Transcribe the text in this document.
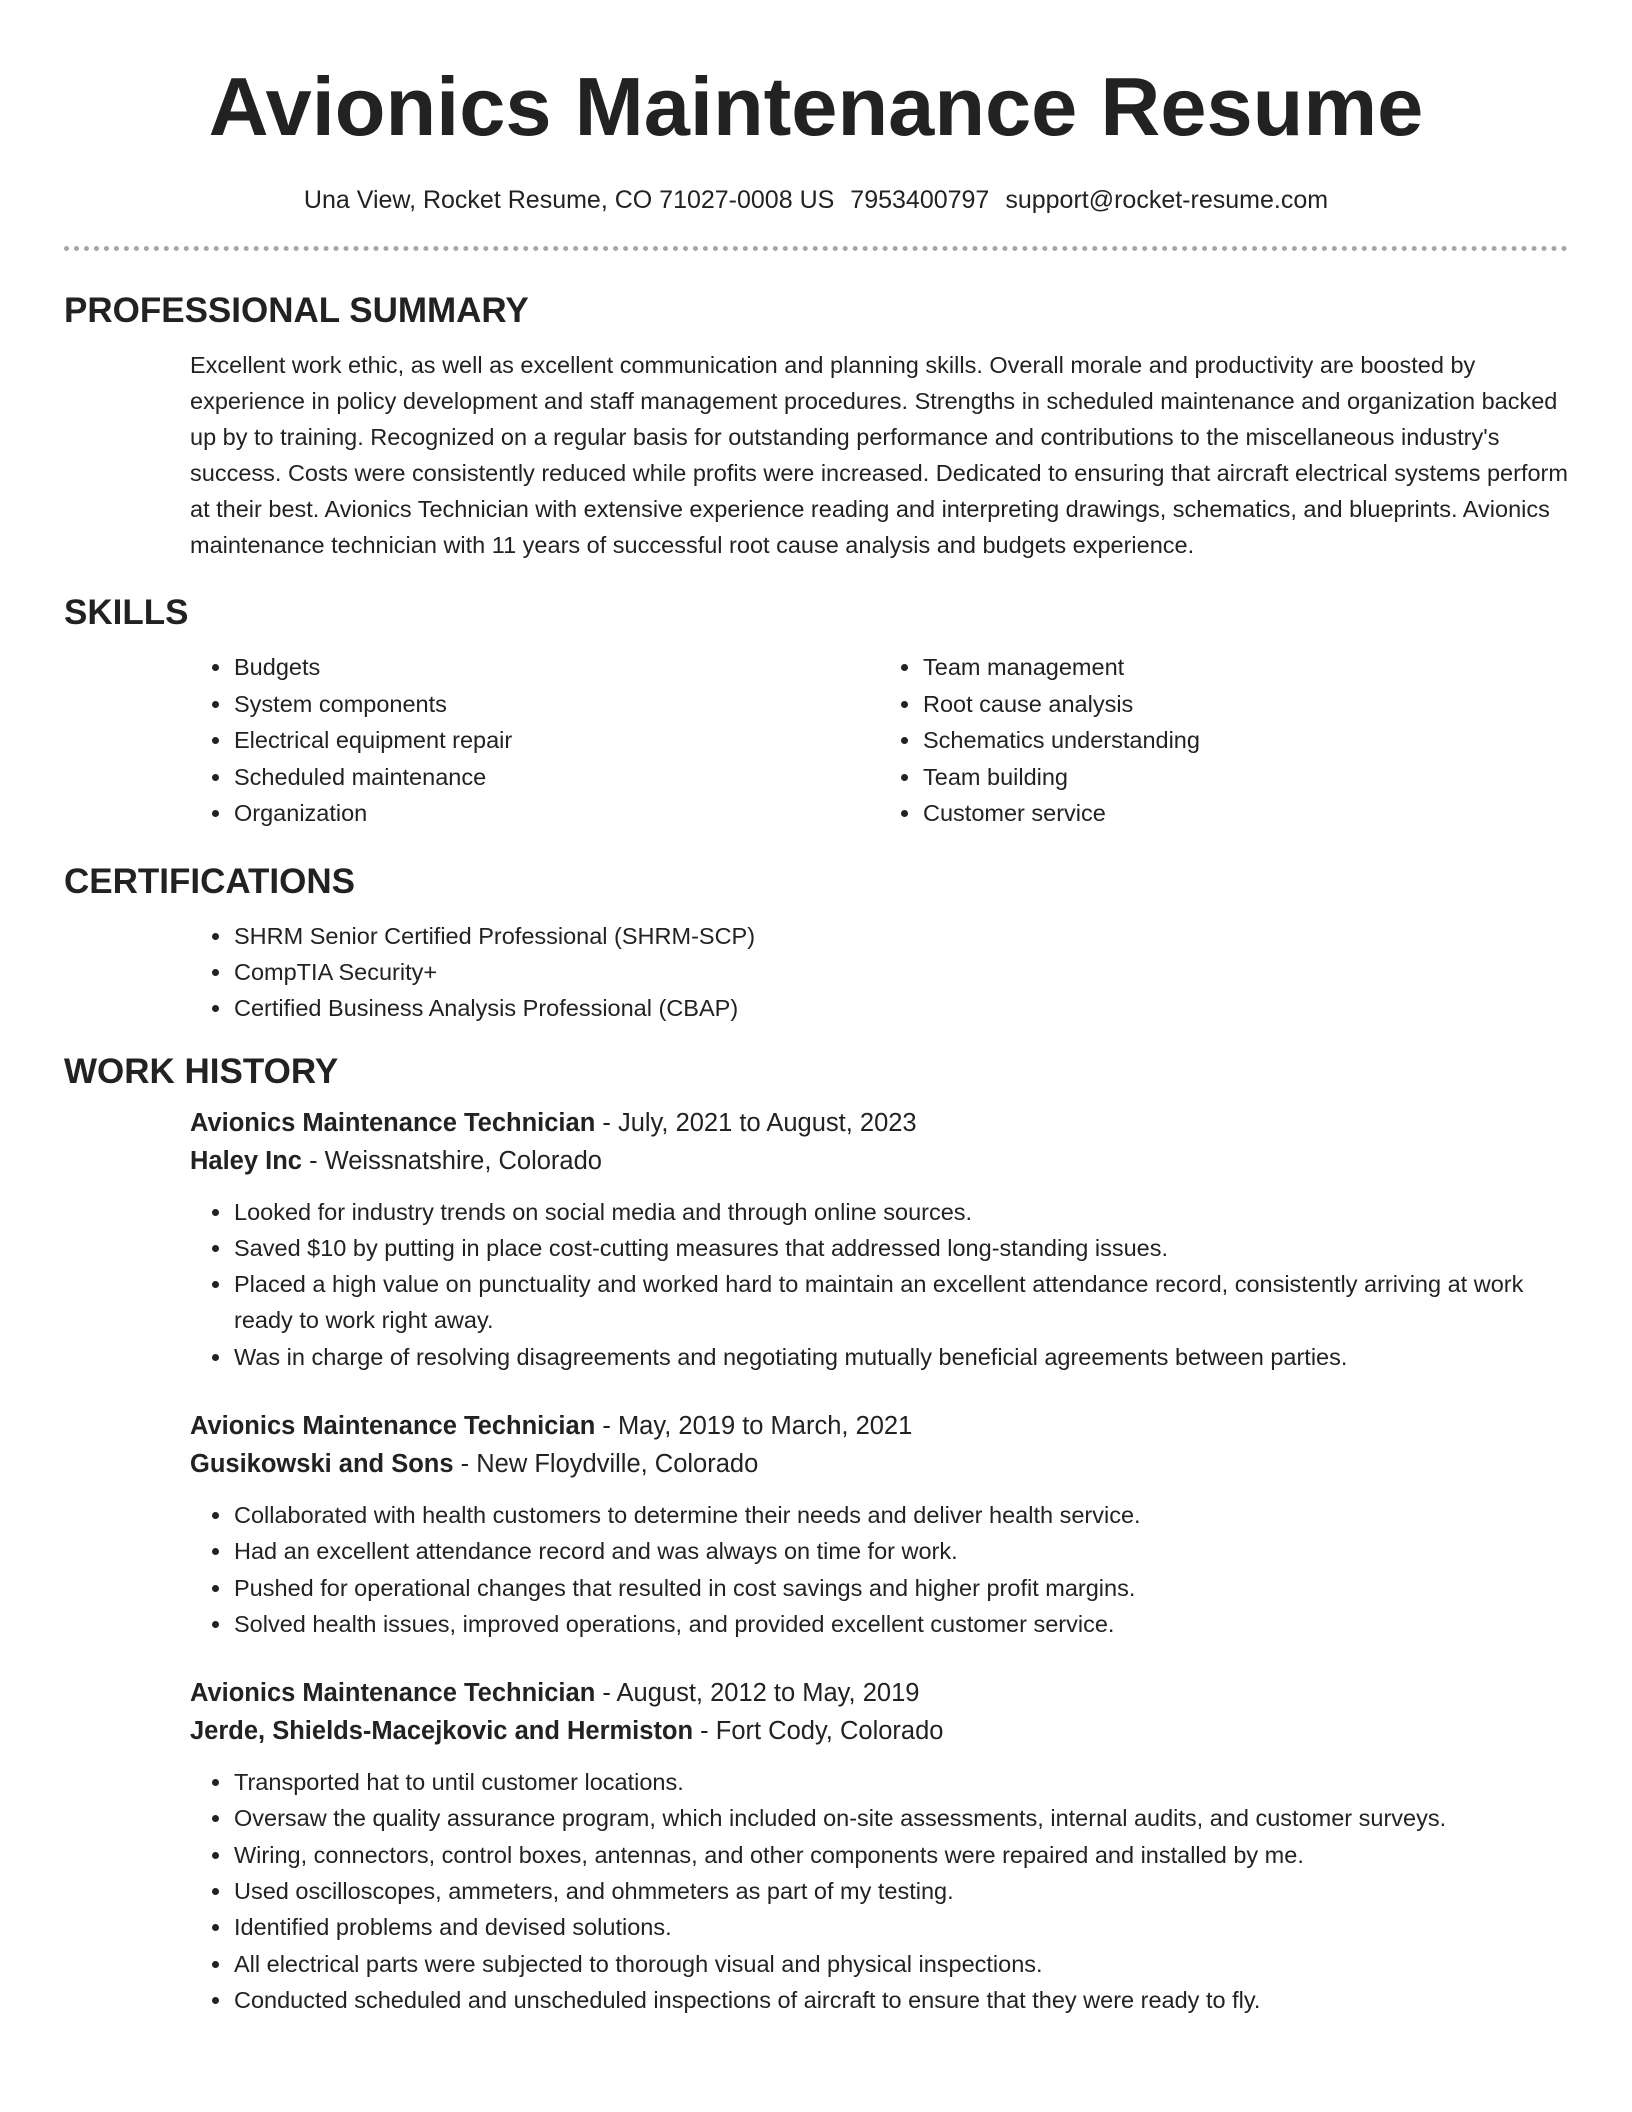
Avionics Maintenance Resume
Una View, Rocket Resume, CO 71027-0008 US 7953400797 support@rocket-resume.com
PROFESSIONAL SUMMARY
Excellent work ethic, as well as excellent communication and planning skills. Overall morale and productivity are boosted by experience in policy development and staff management procedures. Strengths in scheduled maintenance and organization backed up by to training. Recognized on a regular basis for outstanding performance and contributions to the miscellaneous industry's success. Costs were consistently reduced while profits were increased. Dedicated to ensuring that aircraft electrical systems perform at their best. Avionics Technician with extensive experience reading and interpreting drawings, schematics, and blueprints. Avionics maintenance technician with 11 years of successful root cause analysis and budgets experience.
SKILLS
• Budgets
• System components
• Electrical equipment repair
• Scheduled maintenance
• Organization
• Team management
• Root cause analysis
• Schematics understanding
• Team building
• Customer service
CERTIFICATIONS
• SHRM Senior Certified Professional (SHRM-SCP)
• CompTIA Security+
• Certified Business Analysis Professional (CBAP)
WORK HISTORY
Avionics Maintenance Technician - July, 2021 to August, 2023
Haley Inc - Weissnatshire, Colorado
• Looked for industry trends on social media and through online sources.
• Saved $10 by putting in place cost-cutting measures that addressed long-standing issues.
• Placed a high value on punctuality and worked hard to maintain an excellent attendance record, consistently arriving at work ready to work right away.
• Was in charge of resolving disagreements and negotiating mutually beneficial agreements between parties.
Avionics Maintenance Technician - May, 2019 to March, 2021
Gusikowski and Sons - New Floydville, Colorado
• Collaborated with health customers to determine their needs and deliver health service.
• Had an excellent attendance record and was always on time for work.
• Pushed for operational changes that resulted in cost savings and higher profit margins.
• Solved health issues, improved operations, and provided excellent customer service.
Avionics Maintenance Technician - August, 2012 to May, 2019
Jerde, Shields-Macejkovic and Hermiston - Fort Cody, Colorado
• Transported hat to until customer locations.
• Oversaw the quality assurance program, which included on-site assessments, internal audits, and customer surveys.
• Wiring, connectors, control boxes, antennas, and other components were repaired and installed by me.
• Used oscilloscopes, ammeters, and ohmmeters as part of my testing.
• Identified problems and devised solutions.
• All electrical parts were subjected to thorough visual and physical inspections.
• Conducted scheduled and unscheduled inspections of aircraft to ensure that they were ready to fly.
